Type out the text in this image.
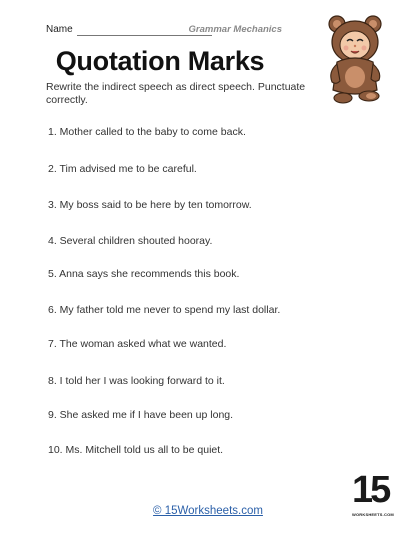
Name	Grammar Mechanics
Quotation Marks
Rewrite the indirect speech as direct speech. Punctuate correctly.
1. Mother called to the baby to come back.
2. Tim advised me to be careful.
3. My boss said to be here by ten tomorrow.
4. Several children shouted hooray.
5. Anna says she recommends this book.
6. My father told me never to spend my last dollar.
7. The woman asked what we wanted.
8. I told her I was looking forward to it.
9. She asked me if I have been up long.
10. Ms. Mitchell told us all to be quiet.
© 15Worksheets.com	15
WORKSHEETS.COM
